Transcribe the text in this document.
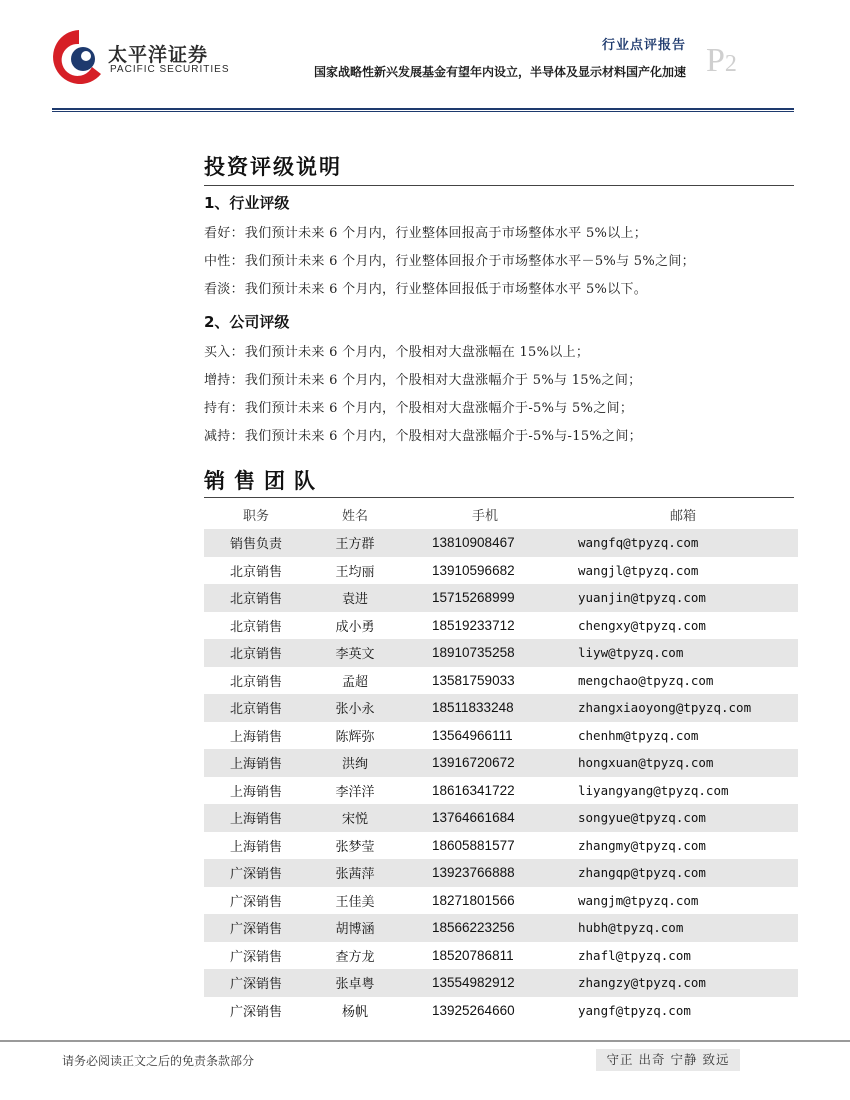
太平洋证券
PACIFIC SECURITIES
行业点评报告
国家战略性新兴发展基金有望年内设立，半导体及显示材料国产化加速 P2
投资评级说明
1、行业评级
看好：我们预计未来 6 个月内，行业整体回报高于市场整体水平 5%以上；
中性：我们预计未来 6 个月内，行业整体回报介于市场整体水平－5%与 5%之间；
看淡：我们预计未来 6 个月内，行业整体回报低于市场整体水平 5%以下。
2、公司评级
买入：我们预计未来 6 个月内，个股相对大盘涨幅在 15%以上；
增持：我们预计未来 6 个月内，个股相对大盘涨幅介于 5%与 15%之间；
持有：我们预计未来 6 个月内，个股相对大盘涨幅介于-5%与 5%之间；
减持：我们预计未来 6 个月内，个股相对大盘涨幅介于-5%与-15%之间；
销售团队
职务	姓名	手机	邮箱
销售负责	王方群	13810908467	wangfq@tpyzq.com
北京销售	王均丽	13910596682	wangjl@tpyzq.com
北京销售	袁进	15715268999	yuanjin@tpyzq.com
北京销售	成小勇	18519233712	chengxy@tpyzq.com
北京销售	李英文	18910735258	liyw@tpyzq.com
北京销售	孟超	13581759033	mengchao@tpyzq.com
北京销售	张小永	18511833248	zhangxiaoyong@tpyzq.com
上海销售	陈辉弥	13564966111	chenhm@tpyzq.com
上海销售	洪绚	13916720672	hongxuan@tpyzq.com
上海销售	李洋洋	18616341722	liyangyang@tpyzq.com
上海销售	宋悦	13764661684	songyue@tpyzq.com
上海销售	张梦莹	18605881577	zhangmy@tpyzq.com
广深销售	张茜萍	13923766888	zhangqp@tpyzq.com
广深销售	王佳美	18271801566	wangjm@tpyzq.com
广深销售	胡博涵	18566223256	hubh@tpyzq.com
广深销售	查方龙	18520786811	zhafl@tpyzq.com
广深销售	张卓粤	13554982912	zhangzy@tpyzq.com
广深销售	杨帆	13925264660	yangf@tpyzq.com
请务必阅读正文之后的免责条款部分	守正 出奇 宁静 致远
